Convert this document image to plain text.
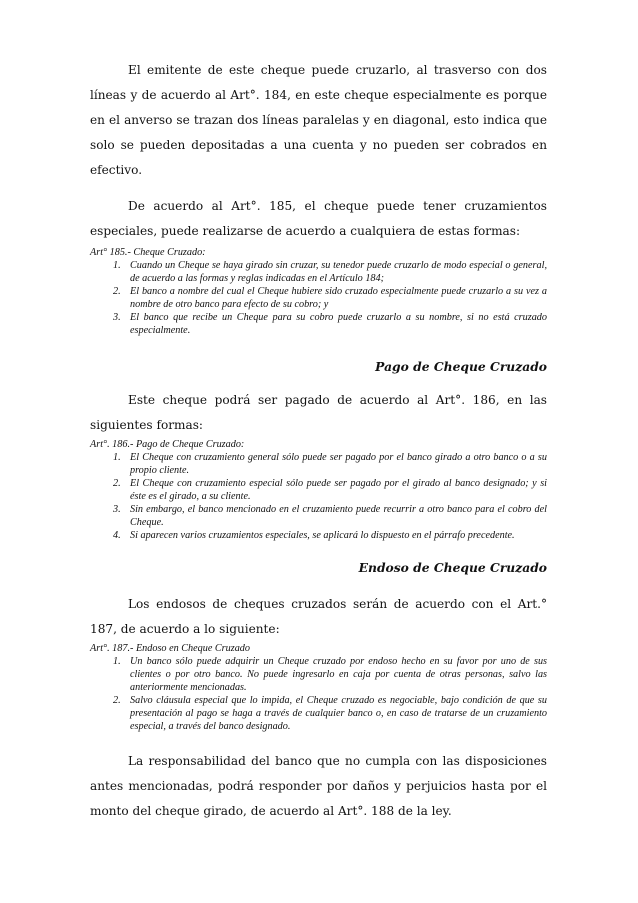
El emitente de este cheque puede cruzarlo, al trasverso con dos líneas y de acuerdo al Art°. 184, en este cheque especialmente es porque en el anverso se trazan dos líneas paralelas y en diagonal, esto indica que solo se pueden depositadas a una cuenta y no pueden ser cobrados en efectivo.

De acuerdo al Art°. 185, el cheque puede tener cruzamientos especiales, puede realizarse de acuerdo a cualquiera de estas formas:

Art° 185.- Cheque Cruzado:

1. Cuando un Cheque se haya girado sin cruzar, su tenedor puede cruzarlo de modo especial o general, de acuerdo a las formas y reglas indicadas en el Artículo 184;
2. El banco a nombre del cual el Cheque hubiere sido cruzado especialmente puede cruzarlo a su vez a nombre de otro banco para efecto de su cobro; y
3. El banco que recibe un Cheque para su cobro puede cruzarlo a su nombre, si no está cruzado especialmente.

Pago de Cheque Cruzado

Este cheque podrá ser pagado de acuerdo al Art°. 186, en las siguientes formas:

Art°. 186.- Pago de Cheque Cruzado:

1. El Cheque con cruzamiento general sólo puede ser pagado por el banco girado a otro banco o a su propio cliente.
2. El Cheque con cruzamiento especial sólo puede ser pagado por el girado al banco designado; y si éste es el girado, a su cliente.
3. Sin embargo, el banco mencionado en el cruzamiento puede recurrir a otro banco para el cobro del Cheque.
4. Si aparecen varios cruzamientos especiales, se aplicará lo dispuesto en el párrafo precedente.

Endoso de Cheque Cruzado

Los endosos de cheques cruzados serán de acuerdo con el Art.° 187, de acuerdo a lo siguiente:

Art°. 187.- Endoso en Cheque Cruzado

1. Un banco sólo puede adquirir un Cheque cruzado por endoso hecho en su favor por uno de sus clientes o por otro banco. No puede ingresarlo en caja por cuenta de otras personas, salvo las anteriormente mencionadas.
2. Salvo cláusula especial que lo impida, el Cheque cruzado es negociable, bajo condición de que su presentación al pago se haga a través de cualquier banco o, en caso de tratarse de un cruzamiento especial, a través del banco designado.

La responsabilidad del banco que no cumpla con las disposiciones antes mencionadas, podrá responder por daños y perjuicios hasta por el monto del cheque girado, de acuerdo al Art°. 188 de la ley.
